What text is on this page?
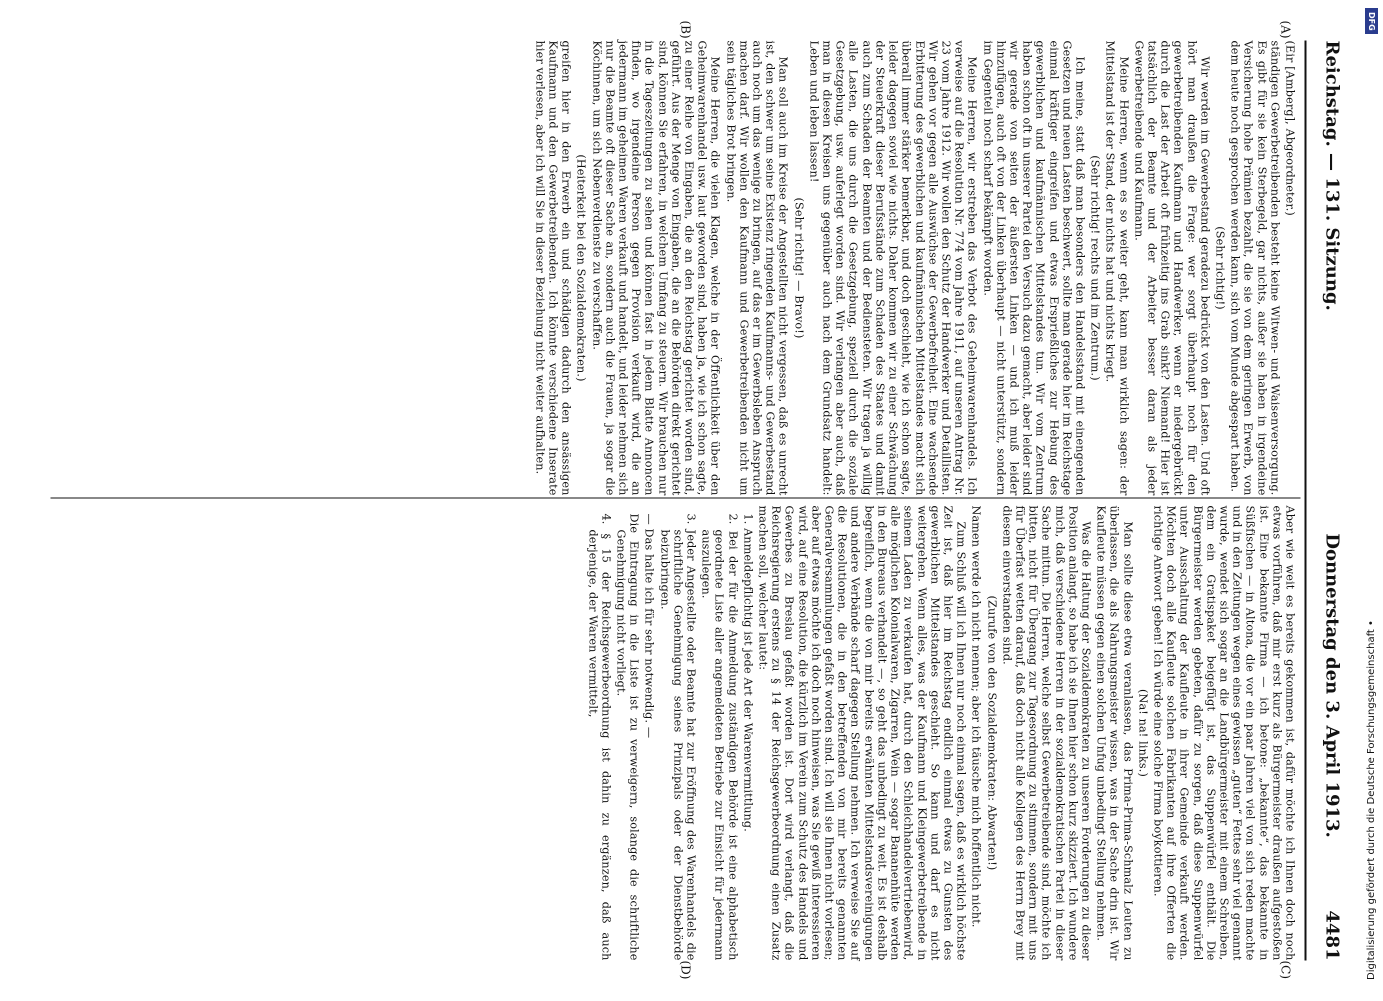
Reichstag. — 131. Sitzung.
Donnerstag den 3. April 1913.  4481
(A)
(B)
(C)
(D)

(Eir [Amberg], Abgeordneter.)

ständigen Gewerbetreibenden besteht keine Witwen- und Waisenversorgung. Es gibt für sie kein Sterbegeld, gar nichts, außer sie haben in irgendeine Versicherung hohe Prämien bezahlt, die sie von dem geringen Erwerb, von dem heute noch gesprochen werden kann, sich vom Munde abgespart haben.

(Sehr richtig!)

Wir werden im Gewerbestand geradezu bedrückt von den Lasten. Und oft hört man draußen die Frage: wer sorgt überhaupt noch für den gewerbetreibenden Kaufmann und Handwerker, wenn er niedergebrückt durch die Last der Arbeit oft frühzeitig ins Grab sinkt? Niemand! Hier ist tatsächlich der Beamte und der Arbeiter besser daran als jeder Gewerbetreibende und Kaufmann.

Meine Herren, wenn es so weiter geht, kann man wirklich sagen: der Mittelstand ist der Stand, der nichts hat und nichts kriegt.

(Sehr richtig! rechts und im Zentrum.)

Ich meine, statt daß man besonders den Handelsstand mit einengenden Gesetzen und neuen Lasten beschwert, sollte man gerade hier im Reichstage einmal kräftiger eingreifen und etwas Ersprießliches zur Hebung des gewerblichen und kaufmännischen Mittelstandes tun. Wir vom Zentrum haben schon oft in unserer Partei den Versuch dazu gemacht, aber leider sind wir gerade von seiten der äußersten Linken — und ich muß leider hinzufügen, auch oft von der Linken überhaupt — nicht unterstützt, sondern im Gegenteil noch scharf bekämpft worden.

Meine Herren, wir erstreben das Verbot des Geheimwarenhandels. Ich verweise auf die Resolution Nr. 774 vom Jahre 1911, auf unseren Antrag Nr. 23 vom Jahre 1912. Wir wollen den Schutz der Handwerker und Detaillisten. Wir gehen vor gegen alle Auswüchse der Gewerbefreiheit. Eine wachsende Erbitterung des gewerblichen und kaufmännischen Mittelstandes macht sich überall immer stärker bemerkbar, und doch geschieht, wie ich schon sagte, leider dagegen soviel wie nichts. Daher kommen wir zu einer Schwächung der Steuerkraft dieser Berufsstände zum Schaden des Staates und damit auch zum Schaden der Beamten und der Bediensteten. Wir tragen ja willig alle Lasten, die uns durch die Gesetzgebung, speziell durch die soziale Gesetzgebung, usw. auferlegt worden sind. Wir verlangen aber auch, daß man in diesen Kreisen uns gegenüber auch nach dem Grundsatz handelt: Leben und leben lassen!

(Sehr richtig! — Bravo!)

Man soll auch im Kreise der Angestellten nicht vergessen, daß es unrecht ist, den schwer um seine Existenz ringenden Kaufmanns- und Gewerbestand auch noch um das wenige zu bringen, auf das er im Gewerbsleben Anspruch machen darf. Wir wollen den Kaufmann und Gewerbetreibenden nicht um sein tägliches Brot bringen.

Meine Herren, die vielen Klagen, welche in der Öffentlichkeit über den Geheimwarenhandel usw. laut geworden sind, haben ja, wie ich schon sagte, zu einer Reihe von Eingaben, die an den Reichstag gerichtet worden sind, geführt. Aus der Menge von Eingaben, die an die Behörden direkt gerichtet sind, können Sie erfahren, in welchem Umfang zu steuern. Wir brauchen nur in die Tageszeitungen zu sehen und können fast in jedem Blatte Annoncen finden, wo irgendeine Person gegen Provision verkauft wird, die an jedermann im geheimen Waren verkauft und handelt, und leider nehmen sich nur die Beamte oft dieser Sache an, sondern auch die Frauen, ja sogar die Köchinnen, um sich Nebenverdienste zu verschaffen.

(Heiterkeit bei den Sozialdemokraten.)

greifen hier in den Erwerb ein und schädigen dadurch den ansässigen Kaufmann und den Gewerbetreibenden. Ich könnte verschiedene Inserate hier verlesen, aber ich will Sie in dieser Beziehung nicht weiter aufhalten.

Aber wie weit es bereits gekommen ist, dafür möchte ich Ihnen doch noch etwas vorführen, daß mir erst kurz als Bürgermeister draußen aufgestoßen ist. Eine bekannte Firma — ich betone: „bekannte“, das bekannte in Süßfischen — in Altona, die vor ein paar Jahren viel von sich reden machte und in den Zeitungen wegen eines gewissen „guten“ Fettes sehr viel genannt wurde, wendet sich sogar an die Landbürgermeister mit einem Schreiben, dem ein Gratispaket beigefügt ist, das Suppenwürfel enthält. Die Bürgermeister werden gebeten, dafür zu sorgen, daß diese Suppenwürfel unter Ausschaltung der Kaufleute in ihrer Gemeinde verkauft werden. Möchten doch alle Kaufleute solchen Fabrikanten auf ihre Offerten die richtige Antwort geben! Ich würde eine solche Firma boykottieren.

(Na! na! links.)

Man sollte diese etwa veranlassen, das Prima-Prima-Schmalz Leuten zu überlassen, die als Nahrungsmeister wissen, was in der Sache drin ist. Wir Kaufleute müssen gegen einen solchen Unfug unbedingt Stellung nehmen.

Was die Haltung der Sozialdemokraten zu unseren Forderungen zu dieser Position anlangt, so habe ich sie Ihnen hier schon kurz skizziert. Ich wundere mich, daß verschiedene Herren in der sozialdemokratischen Partei in dieser Sache mittun. Die Herren, welche selbst Gewerbetreibende sind, möchte ich bitten, nicht für Übergang zur Tagesordnung zu stimmen, sondern mit uns für Überfast wetten darauf, daß doch nicht alle Kollegen des Herrn Brey mit diesem einverstanden sind.

(Zurufe von den Sozialdemokraten: Abwarten!)

Namen werde ich nicht nennen; aber ich täusche mich hoffentlich nicht.

Zum Schluß will ich Ihnen nur noch einmal sagen, daß es wirklich höchste Zeit ist, daß hier im Reichstag endlich einmal etwas zu Gunsten des gewerblichen Mittelstandes geschieht. So kann und darf es nicht weitergehen. Wenn alles, was der Kaufmann und Kleingewerbetreibende in seinem Laden zu verkaufen hat, durch den Schleichhandelvertriebenwird, alle möglichen Kolonialwaren, Zigarren, Wein — sogar Bananenhüte werden in den Bureaus verhandelt —, so geht das unbedingt zu weit. Es ist deshalb begreiflich, wenn die von mir bereits erwähnten Mittelstandsvereinigungen und andere Verbände scharf dagegen Stellung nehmen. Ich verweise Sie auf die Resolutionen, die in den betreffenden von mir bereits genannten Generalversammlungen gefaßt worden sind. Ich will sie Ihnen nicht vorlesen; aber auf etwas möchte ich doch noch hinweisen, was Sie gewiß interessieren wird, auf eine Resolution, die kürzlich im Verein zum Schutz des Handels und Gewerbes zu Breslau gefaßt worden ist. Dort wird verlangt, daß die Reichsregierung erstens zu § 14 der Reichsgewerbeordnung einen Zusatz machen soll, welcher lautet:

1. Anmeldepflichtig ist jede Art der Warenvermittlung.

2. Bei der für die Anmeldung zuständigen Behörde ist eine alphabetisch geordnete Liste aller angemeldeten Betriebe zur Einsicht für jedermann auszulegen.

3. Jeder Angestellte oder Beamte hat zur Eröffnung des Warenhandels die schriftliche Genehmigung seines Prinzipals oder der Dienstbehörde beizubringen.

— Das halte ich für sehr notwendig. —

Die Eintragung in die Liste ist zu verweigern, solange die schriftliche Genehmigung nicht vorliegt.

4. § 15 der Reichsgewerbeordnung ist dahin zu ergänzen, daß auch derjenige, der Waren vermittelt,

DFG
Digitalisierung gefördert durch die Deutsche Forschungsgemeinschaft •
